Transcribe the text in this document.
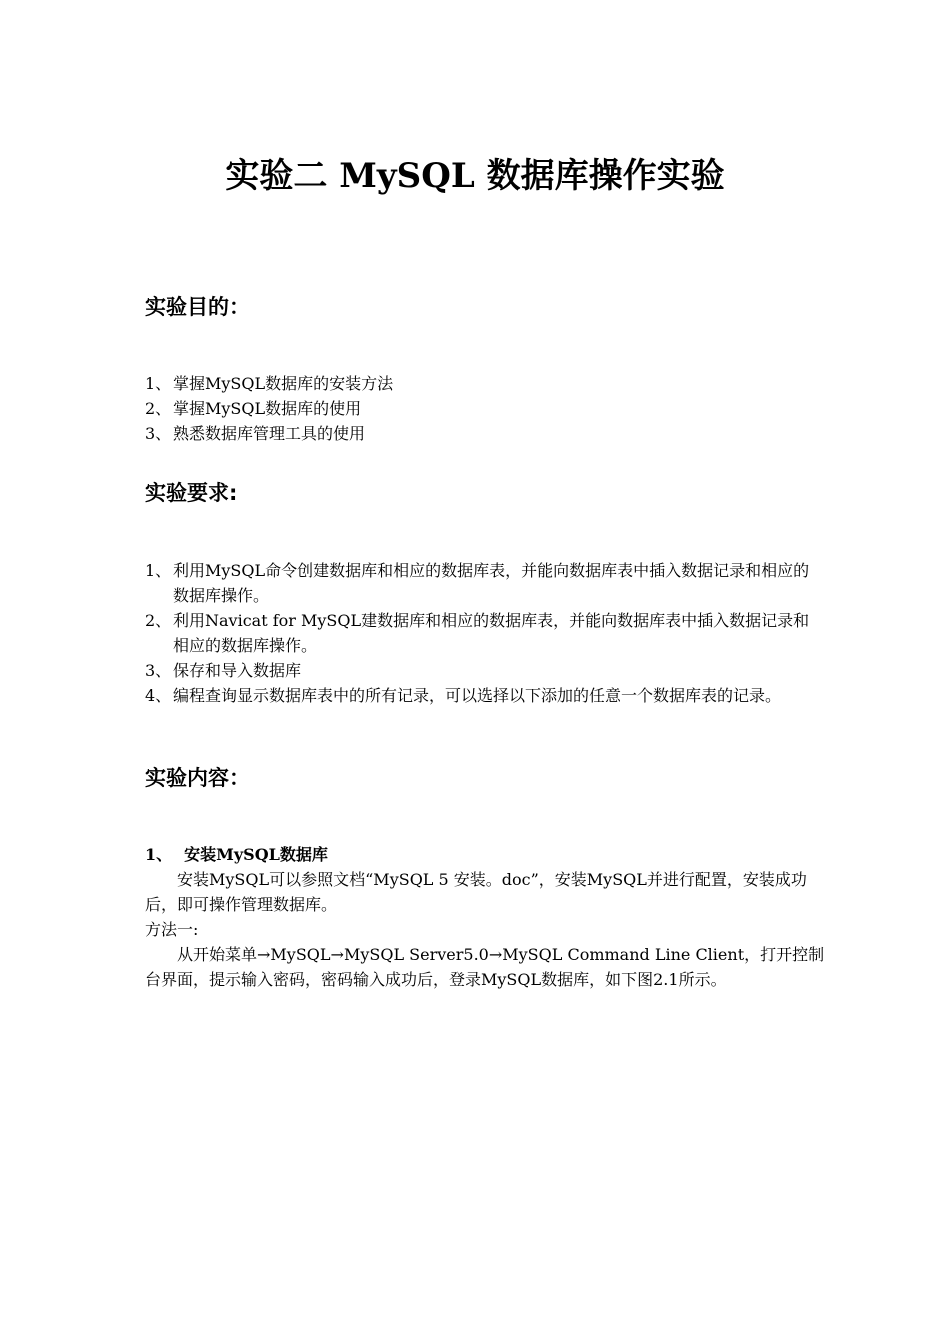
实验二 MySQL 数据库操作实验
实验目的：
1、 掌握MySQL数据库的安装方法
2、 掌握MySQL数据库的使用
3、 熟悉数据库管理工具的使用
实验要求:
1、 利用MySQL命令创建数据库和相应的数据库表，并能向数据库表中插入数据记录和相应的数据库操作。
2、 利用Navicat for MySQL建数据库和相应的数据库表，并能向数据库表中插入数据记录和相应的数据库操作。
3、 保存和导入数据库
4、 编程查询显示数据库表中的所有记录，可以选择以下添加的任意一个数据库表的记录。
实验内容：
1、 安装MySQL数据库

安装MySQL可以参照文档“MySQL 5 安装。doc”，安装MySQL并进行配置，安装成功后，即可操作管理数据库。

方法一:

从开始菜单→MySQL→MySQL Server5.0→MySQL Command Line Client，打开控制台界面，提示输入密码，密码输入成功后，登录MySQL数据库，如下图2.1所示。
